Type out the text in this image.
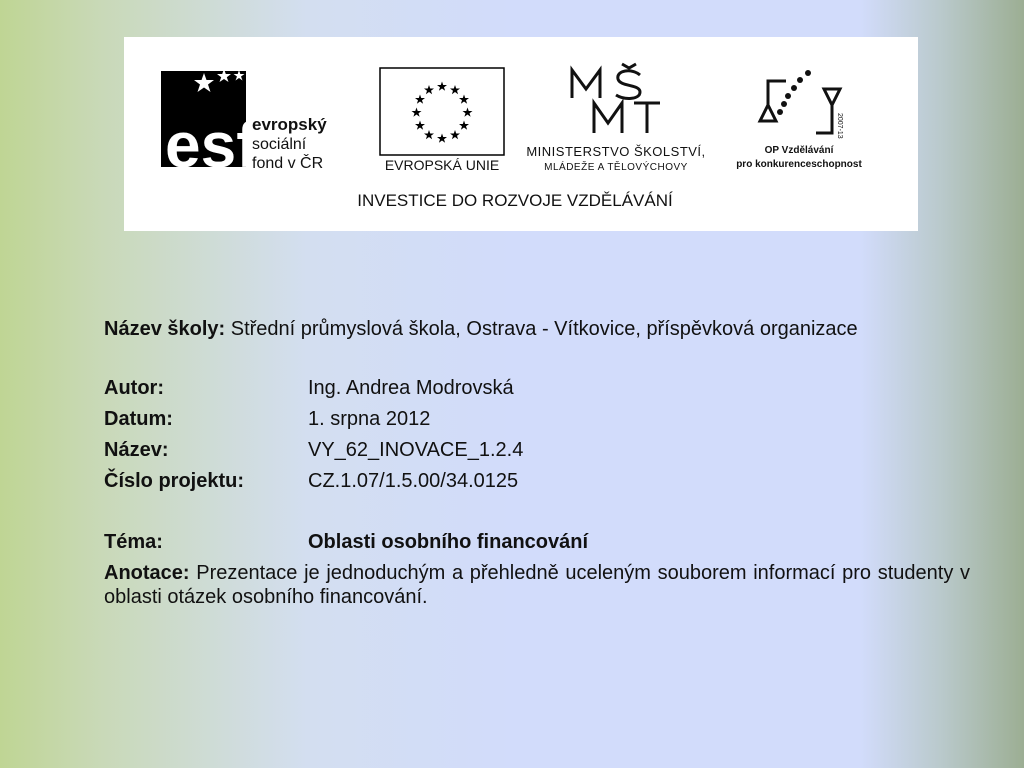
esf
evropský
sociální
fond v ČR	EVROPSKÁ UNIE
MINISTERSTVO ŠKOLSTVÍ,
MLÁDEŽE A TĚLOVÝCHOVY
2007-13
OP Vzdělávání
pro konkurenceschopnost
INVESTICE DO ROZVOJE VZDĚLÁVÁNÍ
Název školy: Střední průmyslová škola, Ostrava - Vítkovice, příspěvková organizace
Autor:	Ing. Andrea Modrovská
Datum:	1. srpna 2012
Název:	VY_62_INOVACE_1.2.4
Číslo projektu:	CZ.1.07/1.5.00/34.0125
Téma:	Oblasti osobního financování
Anotace: Prezentace je jednoduchým a přehledně uceleným souborem informací pro studenty v oblasti otázek osobního financování.
